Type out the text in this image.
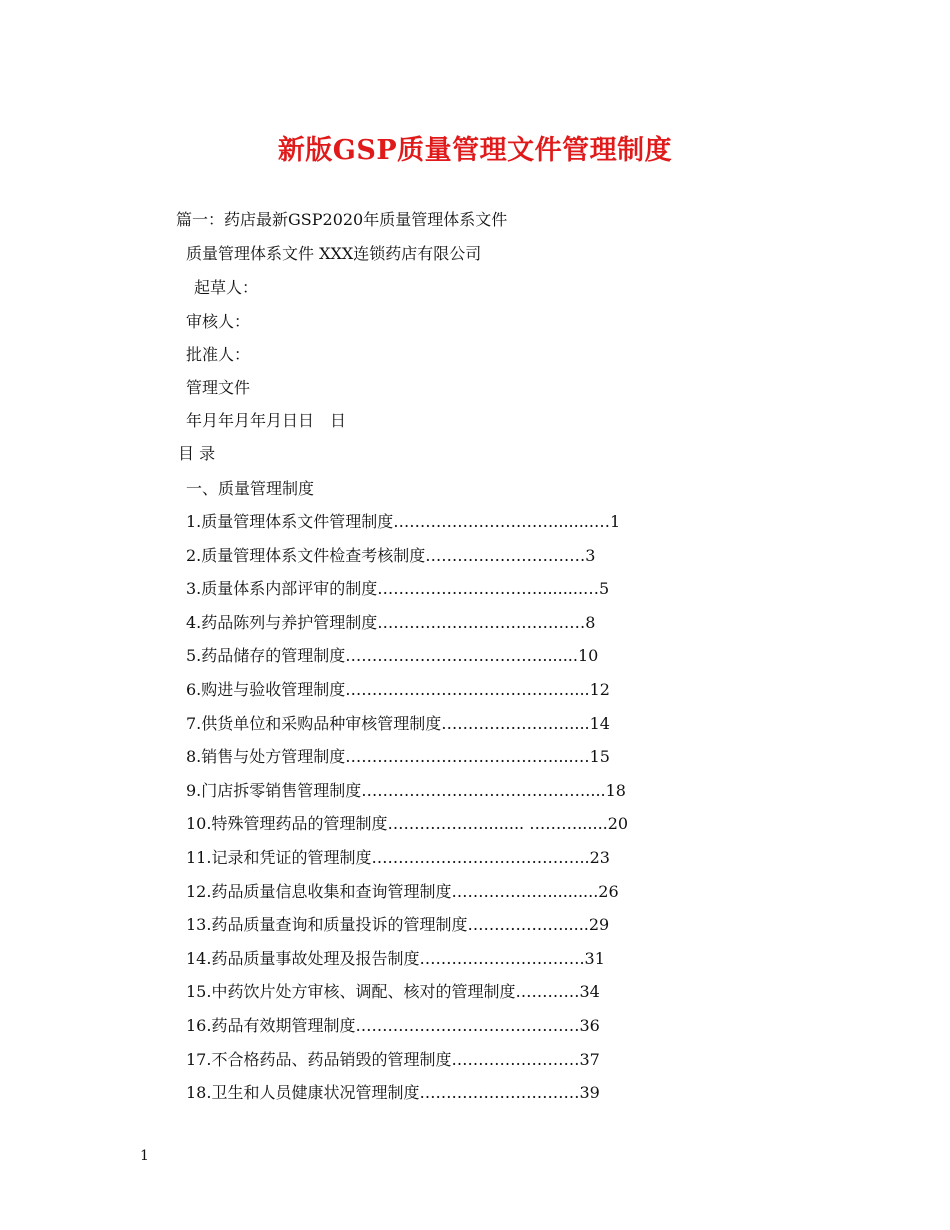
新版GSP质量管理文件管理制度
篇一：药店最新GSP2020年质量管理体系文件
质量管理体系文件 XXX连锁药店有限公司
起草人：
审核人：
批准人：
管理文件
年月年月年月日日　日
目 录
一、质量管理制度
1.质量管理体系文件管理制度…………………………........…1
2.质量管理体系文件检查考核制度…………………………3
3.质量体系内部评审的制度………………………….........…5
4.药品陈列与养护管理制度…………………………………8
5.药品储存的管理制度………………………………........10
6.购进与验收管理制度……………………………………....12
7.供货单位和采购品种审核管理制度……………………....14
8.销售与处方管理制度…………………………………....…15
9.门店拆零销售管理制度……………………………………....18
10.特殊管理药品的管理制度………………........ ………......20
11.记录和凭证的管理制度…………………………………..23
12.药品质量信息收集和查询管理制度………………..........26
13.药品质量查询和质量投诉的管理制度……………….....29
14.药品质量事故处理及报告制度………………………….31
15.中药饮片处方审核、调配、核对的管理制度…………34
16.药品有效期管理制度……………………………………36
17.不合格药品、药品销毁的管理制度……………………37
18.卫生和人员健康状况管理制度…………………………39
1
